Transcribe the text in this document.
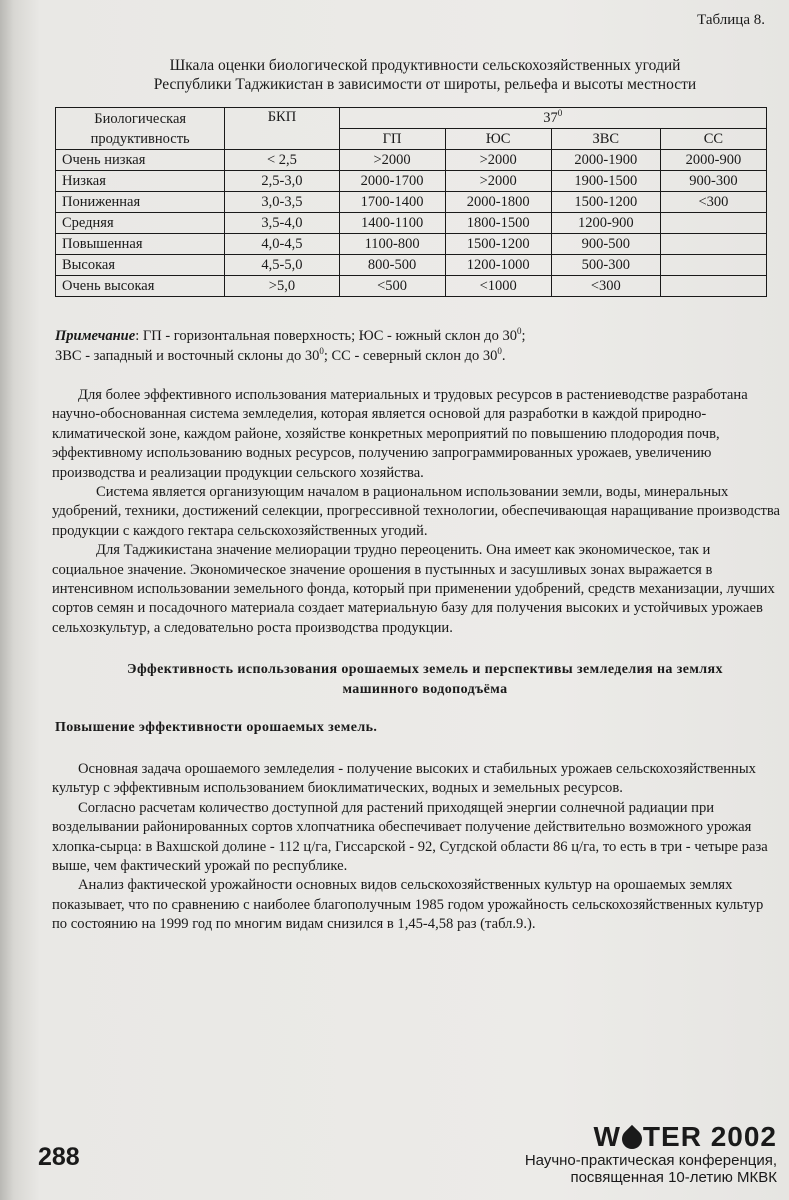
Таблица 8.
Шкала оценки биологической продуктивности сельскохозяйственных угодий
Республики Таджикистан в зависимости от широты, рельефа и высоты местности
Биологическая продуктивность	БКП	$37^0$
		ГП	ЮС	ЗВС	СС
Очень низкая	< 2,5	>2000	>2000	2000-1900	2000-900
Низкая	2,5-3,0	2000-1700	>2000	1900-1500	900-300
Пониженная	3,0-3,5	1700-1400	2000-1800	1500-1200	<300
Средняя	3,5-4,0	1400-1100	1800-1500	1200-900	
Повышенная	4,0-4,5	1100-800	1500-1200	900-500	
Высокая	4,5-5,0	800-500	1200-1000	500-300	
Очень высокая	>5,0	<500	<1000	<300	
Примечание: ГП - горизонтальная поверхность; ЮС - южный склон до $30^0$;
ЗВС - западный и восточный склоны до $30^0$; СС - северный склон до $30^0$.

Для более эффективного использования материальных и трудовых ресурсов в растениеводстве разработана научно-обоснованная система земледелия, которая является основой для разработки в каждой природно-климатической зоне, каждом районе, хозяйстве конкретных мероприятий по повышению плодородия почв, эффективному использованию водных ресурсов, получению запрограммированных урожаев, увеличению производства и реализации продукции сельского хозяйства.

Система является организующим началом в рациональном использовании земли, воды, минеральных удобрений, техники, достижений селекции, прогрессивной технологии, обеспечивающая наращивание производства продукции с каждого гектара сельскохозяйственных угодий.

Для Таджикистана значение мелиорации трудно переоценить. Она имеет как экономическое, так и социальное значение. Экономическое значение орошения в пустынных и засушливых зонах выражается в интенсивном использовании земельного фонда, который при применении удобрений, средств механизации, лучших сортов семян и посадочного материала создает материальную базу для получения высоких и устойчивых урожаев сельхозкультур, а следовательно роста производства продукции.

Эффективность использования орошаемых земель и перспективы земледелия на землях
машинного водоподъёма
Повышение эффективности орошаемых земель.

Основная задача орошаемого земледелия - получение высоких и стабильных урожаев сельскохозяйственных культур с эффективным использованием биоклиматических, водных и земельных ресурсов.

Согласно расчетам количество доступной для растений приходящей энергии солнечной радиации при возделывании районированных сортов хлопчатника обеспечивает получение действительно возможного урожая хлопка-сырца: в Вахшской долине - 112 ц/га, Гиссарской - 92, Сугдской области 86 ц/га, то есть в три - четыре раза выше, чем фактический урожай по республике.

Анализ фактической урожайности основных видов сельскохозяйственных культур на орошаемых землях показывает, что по сравнению с наиболее благополучным 1985 годом урожайность сельскохозяйственных культур по состоянию на 1999 год по многим видам снизился в 1,45-4,58 раз (табл.9.).

288
W TER 2002
Научно-практическая конференция,
посвященная 10-летию МКВК
